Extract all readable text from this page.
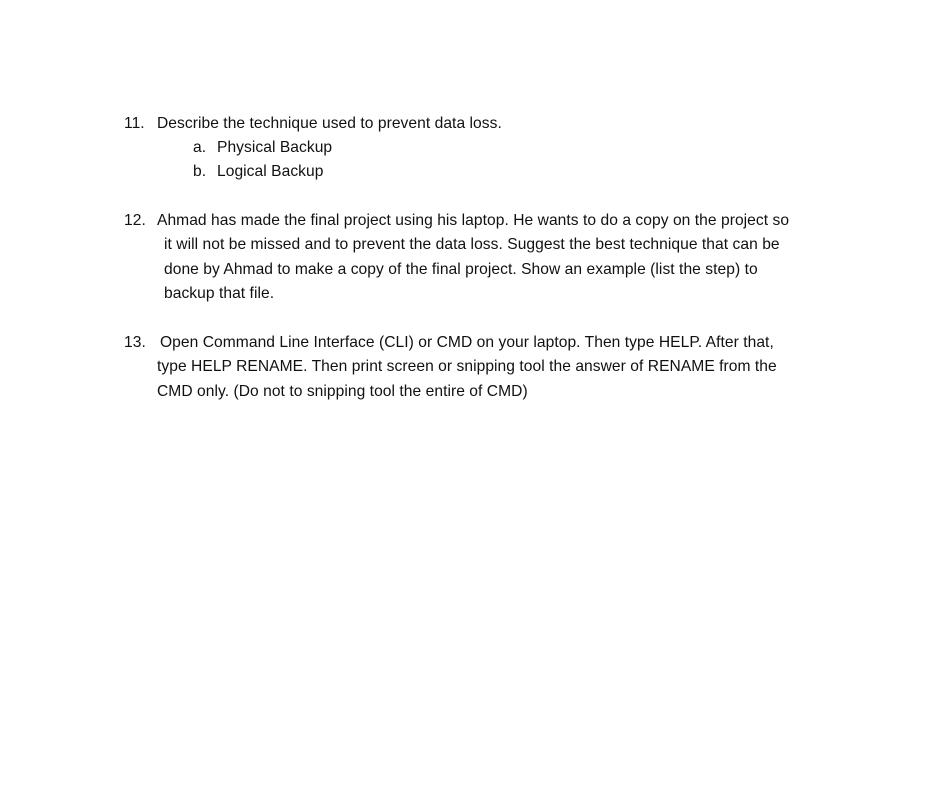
11. Describe the technique used to prevent data loss.
a. Physical Backup
b. Logical Backup
12. Ahmad has made the final project using his laptop. He wants to do a copy on the project so
it will not be missed and to prevent the data loss. Suggest the best technique that can be
done by Ahmad to make a copy of the final project. Show an example (list the step) to
backup that file.
13. Open Command Line Interface (CLI) or CMD on your laptop. Then type HELP. After that,
type HELP RENAME. Then print screen or snipping tool the answer of RENAME from the
CMD only. (Do not to snipping tool the entire of CMD)
